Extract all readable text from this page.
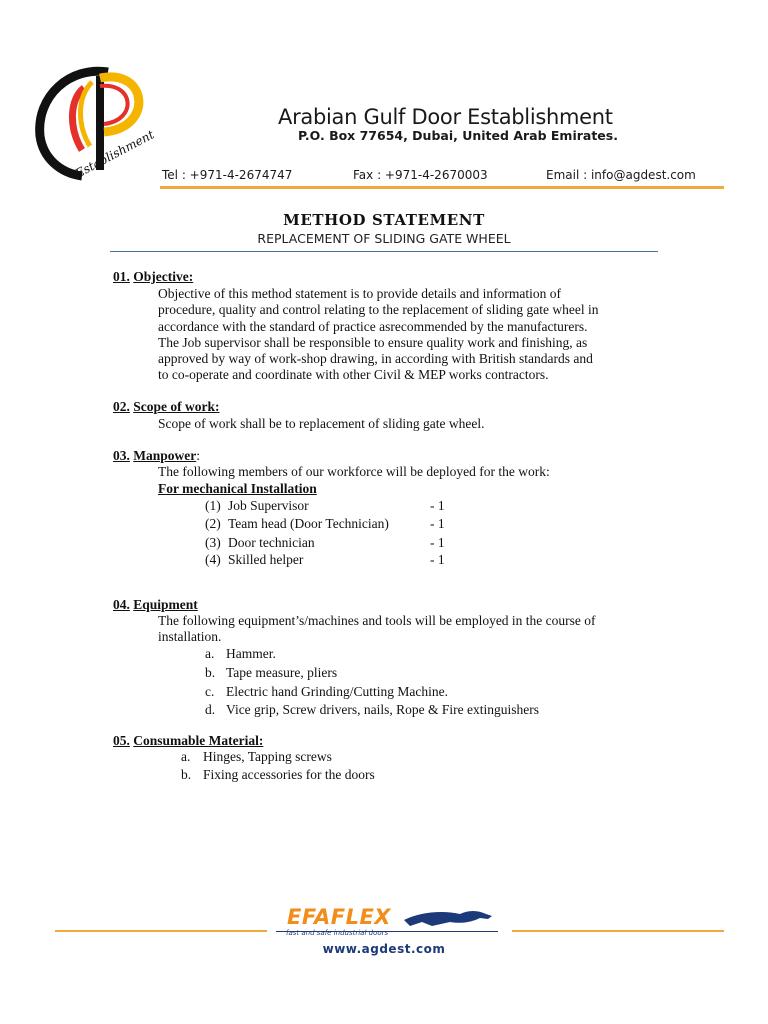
Establishment
Arabian Gulf Door Establishment
P.O. Box 77654, Dubai, United Arab Emirates.
Tel : +971-4-2674747	Fax : +971-4-2670003	Email : info@agdest.com
METHOD STATEMENT
REPLACEMENT OF SLIDING GATE WHEEL
01. Objective:
Objective of this method statement is to provide details and information of
procedure, quality and control relating to the replacement of sliding gate wheel in
accordance with the standard of practice asrecommended by the manufacturers.
The Job supervisor shall be responsible to ensure quality work and finishing, as
approved by way of work-shop drawing, in according with British standards and
to co-operate and coordinate with other Civil & MEP works contractors.
02. Scope of work:
Scope of work shall be to replacement of sliding gate wheel.
03. Manpower:
The following members of our workforce will be deployed for the work:
For mechanical Installation
(1) Job Supervisor	- 1
(2) Team head (Door Technician)	- 1
(3) Door technician	- 1
(4) Skilled helper	- 1
04. Equipment
The following equipment’s/machines and tools will be employed in the course of
installation.
a. Hammer.
b. Tape measure, pliers
c. Electric hand Grinding/Cutting Machine.
d. Vice grip, Screw drivers, nails, Rope & Fire extinguishers
05. Consumable Material:
a. Hinges, Tapping screws
b. Fixing accessories for the doors
EFAFLEX
fast and safe industrial doors
www.agdest.com
